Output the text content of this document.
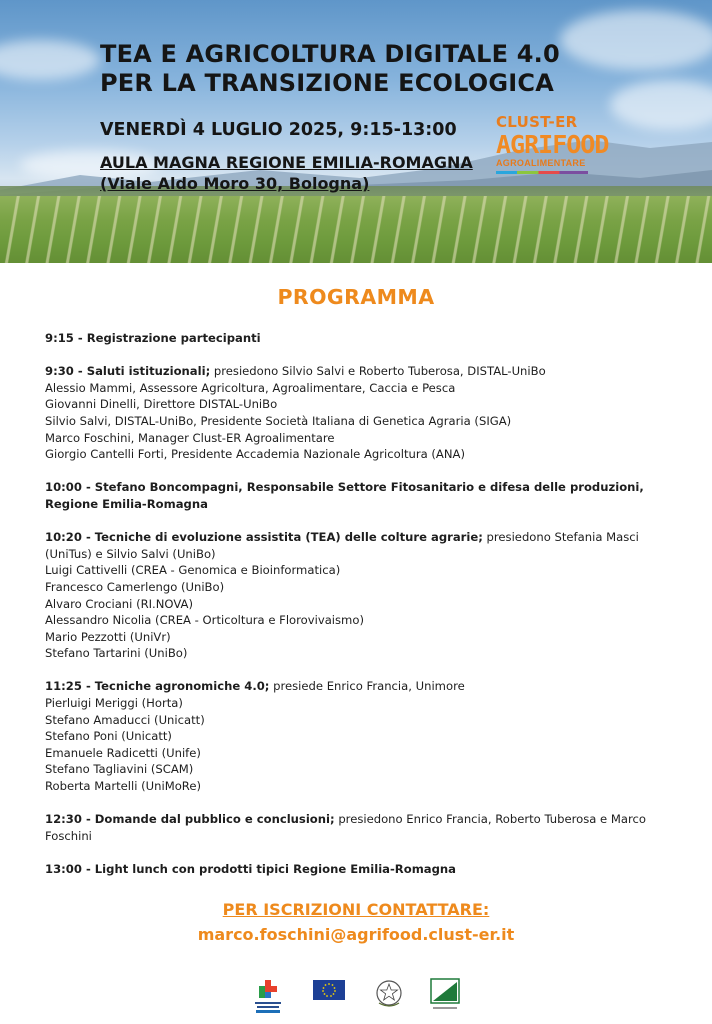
TEA E AGRICOLTURA DIGITALE 4.0
PER LA TRANSIZIONE ECOLOGICA
VENERDÌ 4 LUGLIO 2025, 9:15-13:00
AULA MAGNA REGIONE EMILIA-ROMAGNA
(Viale Aldo Moro 30, Bologna)
CLUST-ER
AGRIFOOD
AGROALIMENTARE
PROGRAMMA
9:15 - Registrazione partecipanti
9:30 - Saluti istituzionali; presiedono Silvio Salvi e Roberto Tuberosa, DISTAL-UniBo
Alessio Mammi, Assessore Agricoltura, Agroalimentare, Caccia e Pesca
Giovanni Dinelli, Direttore DISTAL-UniBo
Silvio Salvi, DISTAL-UniBo, Presidente Società Italiana di Genetica Agraria (SIGA)
Marco Foschini, Manager Clust-ER Agroalimentare
Giorgio Cantelli Forti, Presidente Accademia Nazionale Agricoltura (ANA)
10:00 - Stefano Boncompagni, Responsabile Settore Fitosanitario e difesa delle produzioni,
Regione Emilia-Romagna
10:20 - Tecniche di evoluzione assistita (TEA) delle colture agrarie; presiedono Stefania Masci
(UniTus) e Silvio Salvi (UniBo)
Luigi Cattivelli (CREA - Genomica e Bioinformatica)
Francesco Camerlengo (UniBo)
Alvaro Crociani (RI.NOVA)
Alessandro Nicolia (CREA - Orticoltura e Florovivaismo)
Mario Pezzotti (UniVr)
Stefano Tartarini (UniBo)
11:25 - Tecniche agronomiche 4.0; presiede Enrico Francia, Unimore
Pierluigi Meriggi (Horta)
Stefano Amaducci (Unicatt)
Stefano Poni (Unicatt)
Emanuele Radicetti (Unife)
Stefano Tagliavini (SCAM)
Roberta Martelli (UniMoRe)
12:30 - Domande dal pubblico e conclusioni; presiedono Enrico Francia, Roberto Tuberosa e Marco
Foschini
13:00 - Light lunch con prodotti tipici Regione Emilia-Romagna
PER ISCRIZIONI CONTATTARE:
marco.foschini@agrifood.clust-er.it
